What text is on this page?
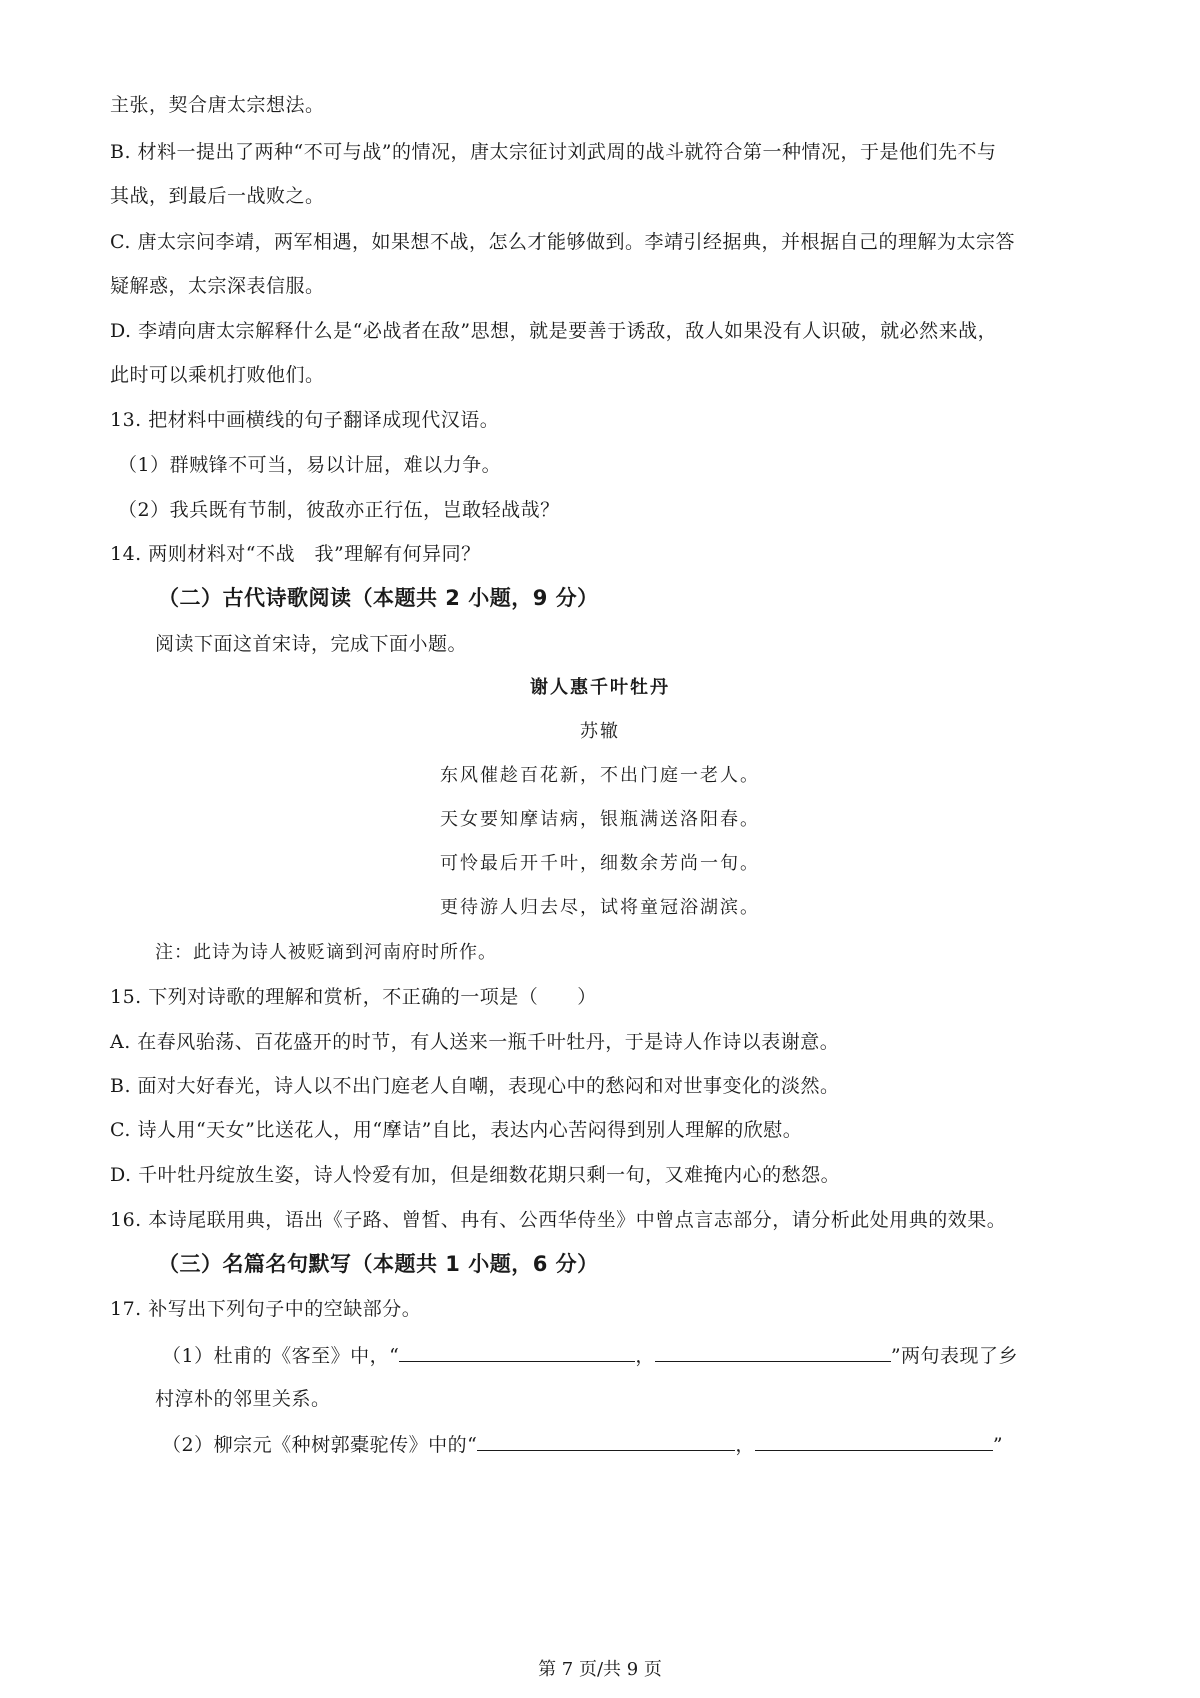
主张，契合唐太宗想法。
B. 材料一提出了两种“不可与战”的情况，唐太宗征讨刘武周的战斗就符合第一种情况，于是他们先不与
其战，到最后一战败之。
C. 唐太宗问李靖，两军相遇，如果想不战，怎么才能够做到。李靖引经据典，并根据自己的理解为太宗答
疑解惑，太宗深表信服。
D. 李靖向唐太宗解释什么是“必战者在敌”思想，就是要善于诱敌，敌人如果没有人识破，就必然来战，
此时可以乘机打败他们。
13. 把材料中画横线的句子翻译成现代汉语。
（1）群贼锋不可当，易以计屈，难以力争。
（2）我兵既有节制，彼敌亦正行伍，岂敢轻战哉？
14. 两则材料对“不战　我”理解有何异同？
（二）古代诗歌阅读（本题共 2 小题，9 分）
阅读下面这首宋诗，完成下面小题。
谢人惠千叶牡丹
苏辙
东风催趁百花新，不出门庭一老人。
天女要知摩诘病，银瓶满送洛阳春。
可怜最后开千叶，细数余芳尚一旬。
更待游人归去尽，试将童冠浴湖滨。
注：此诗为诗人被贬谪到河南府时所作。
15. 下列对诗歌的理解和赏析，不正确的一项是（　　）
A. 在春风骀荡、百花盛开的时节，有人送来一瓶千叶牡丹，于是诗人作诗以表谢意。
B. 面对大好春光，诗人以不出门庭老人自嘲，表现心中的愁闷和对世事变化的淡然。
C. 诗人用“天女”比送花人，用“摩诘”自比，表达内心苦闷得到别人理解的欣慰。
D. 千叶牡丹绽放生姿，诗人怜爱有加，但是细数花期只剩一旬，又难掩内心的愁怨。
16. 本诗尾联用典，语出《子路、曾皙、冉有、公西华侍坐》中曾点言志部分，请分析此处用典的效果。
（三）名篇名句默写（本题共 1 小题，6 分）
17. 补写出下列句子中的空缺部分。
（1）杜甫的《客至》中，“	，	”两句表现了乡
村淳朴的邻里关系。
（2）柳宗元《种树郭橐驼传》中的“	，	”
第 7 页/共 9 页
